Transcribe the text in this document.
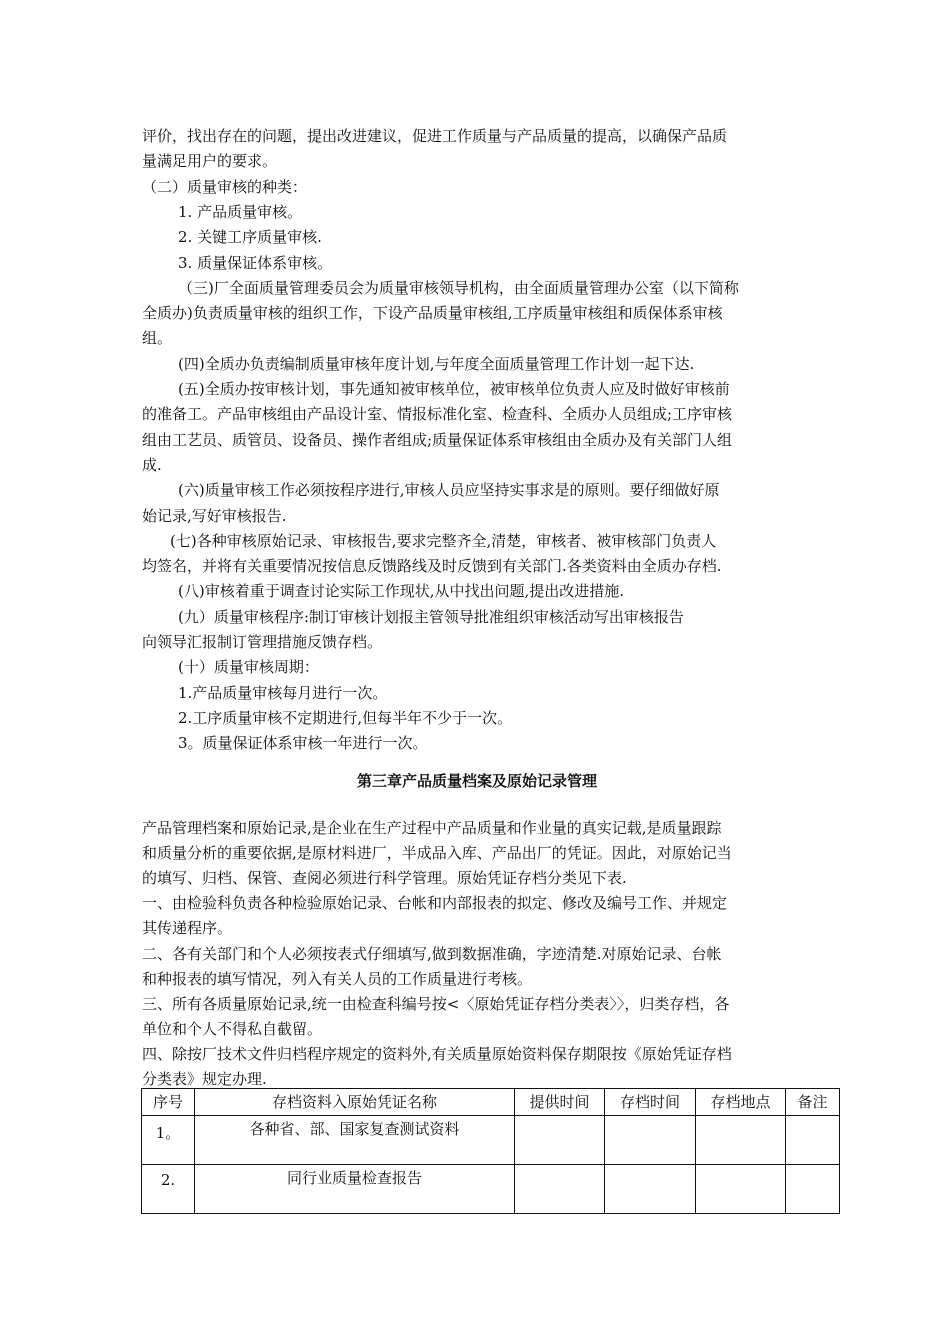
评价，找出存在的问题，提出改进建议，促进工作质量与产品质量的提高，以确保产品质
量满足用户的要求。
（二）质量审核的种类：
1. 产品质量审核。
2. 关键工序质量审核.
3. 质量保证体系审核。
（三)厂全面质量管理委员会为质量审核领导机构，由全面质量管理办公室（以下简称
全质办)负责质量审核的组织工作，下设产品质量审核组,工序质量审核组和质保体系审核
组。
(四)全质办负责编制质量审核年度计划,与年度全面质量管理工作计划一起下达.
(五)全质办按审核计划，事先通知被审核单位，被审核单位负责人应及时做好审核前
的准备工。产品审核组由产品设计室、情报标准化室、检查科、全质办人员组成;工序审核
组由工艺员、质管员、设备员、操作者组成;质量保证体系审核组由全质办及有关部门人组
成.
(六)质量审核工作必须按程序进行,审核人员应坚持实事求是的原则。要仔细做好原
始记录,写好审核报告.
(七)各种审核原始记录、审核报告,要求完整齐全,清楚，审核者、被审核部门负责人
均签名，并将有关重要情况按信息反馈路线及时反馈到有关部门.各类资料由全质办存档.
(八)审核着重于调查讨论实际工作现状,从中找出问题,提出改进措施.
(九）质量审核程序:制订审核计划报主管领导批准组织审核活动写出审核报告
向领导汇报制订管理措施反馈存档。
(十）质量审核周期：
1.产品质量审核每月进行一次。
2.工序质量审核不定期进行,但每半年不少于一次。
3。质量保证体系审核一年进行一次。
第三章产品质量档案及原始记录管理
产品管理档案和原始记录,是企业在生产过程中产品质量和作业量的真实记载,是质量跟踪
和质量分析的重要依据,是原材料进厂，半成品入库、产品出厂的凭证。因此，对原始记当
的填写、归档、保管、查阅必须进行科学管理。原始凭证存档分类见下表.
一、由检验科负责各种检验原始记录、台帐和内部报表的拟定、修改及编号工作、并规定
其传递程序。
二、各有关部门和个人必须按表式仔细填写,做到数据准确，字迹清楚.对原始记录、台帐
和种报表的填写情况，列入有关人员的工作质量进行考核。
三、所有各质量原始记录,统一由检查科编号按<〈原始凭证存档分类表〉〉，归类存档，各
单位和个人不得私自截留。
四、除按厂技术文件归档程序规定的资料外,有关质量原始资料保存期限按《原始凭证存档
分类表》规定办理.
序号	存档资料入原始凭证名称	提供时间	存档时间	存档地点	备注
1。	各种省、部、国家复查测试资料				
2.	同行业质量检查报告				
